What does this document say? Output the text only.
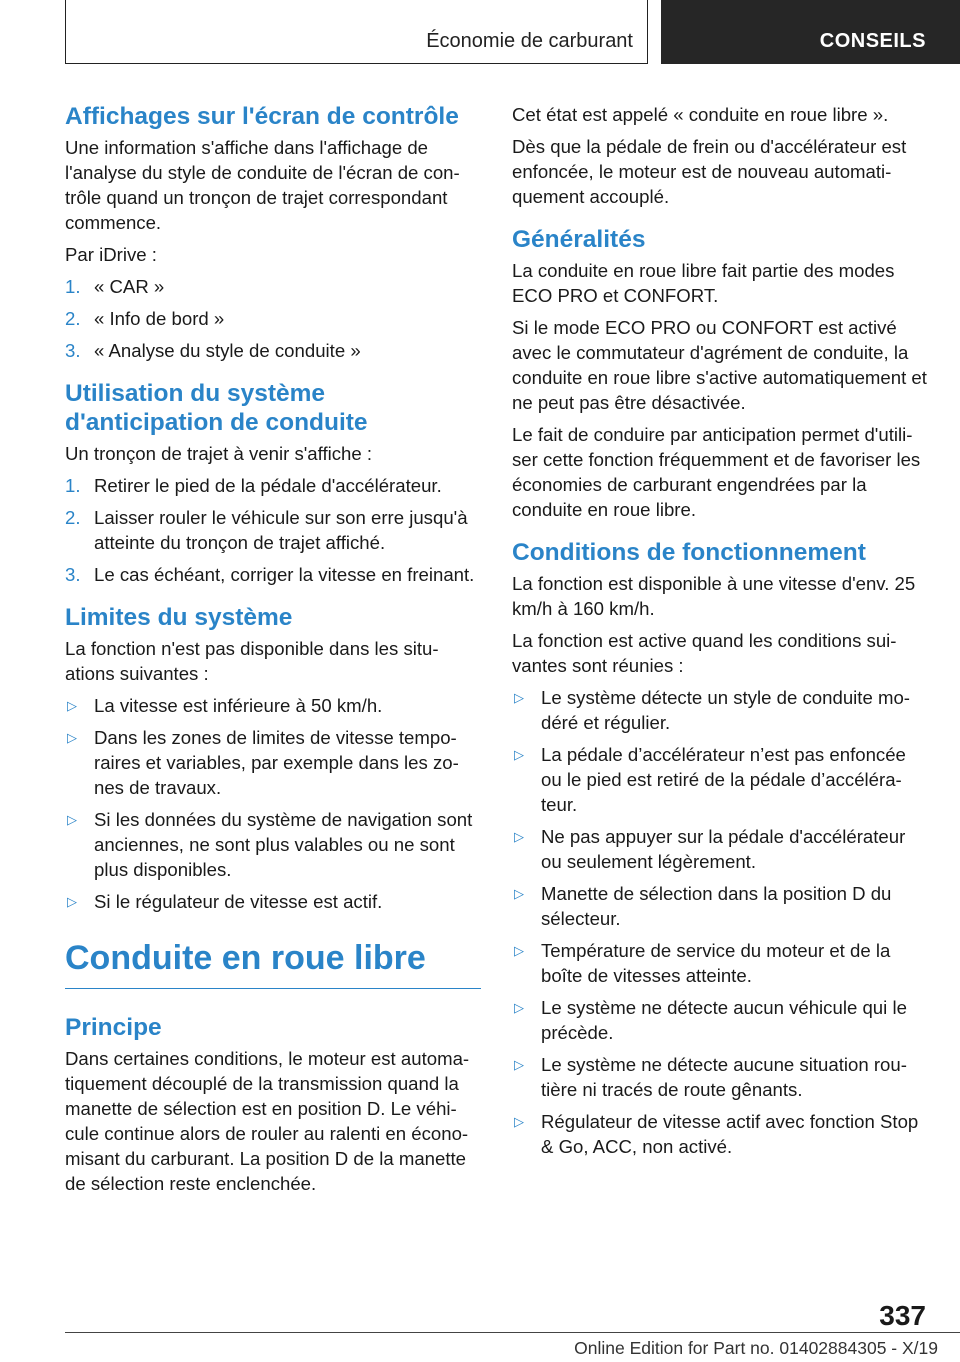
Économie de carburant	CONSEILS
Affichages sur l'écran de contrôle

Une information s'affiche dans l'affichage de l'analyse du style de conduite de l'écran de con‐trôle quand un tronçon de trajet correspondant commence.

Par iDrive :

1. « CAR »
2. « Info de bord »
3. « Analyse du style de conduite »
Utilisation du système d'anticipation de conduite

Un tronçon de trajet à venir s'affiche :

1. Retirer le pied de la pédale d'accélérateur.
2. Laisser rouler le véhicule sur son erre jusqu'à atteinte du tronçon de trajet affiché.
3. Le cas échéant, corriger la vitesse en freinant.
Limites du système

La fonction n'est pas disponible dans les situ‐ations suivantes :

▷ La vitesse est inférieure à 50 km/h.
▷ Dans les zones de limites de vitesse tempo‐raires et variables, par exemple dans les zo‐nes de travaux.
▷ Si les données du système de navigation sont anciennes, ne sont plus valables ou ne sont plus disponibles.
▷ Si le régulateur de vitesse est actif.
Conduite en roue libre
Principe

Dans certaines conditions, le moteur est automa‐tiquement découplé de la transmission quand la manette de sélection est en position D. Le véhi‐cule continue alors de rouler au ralenti en écono‐misant du carburant. La position D de la manette de sélection reste enclenchée.

Cet état est appelé « conduite en roue libre ».

Dès que la pédale de frein ou d'accélérateur est enfoncée, le moteur est de nouveau automati‐quement accouplé.

Généralités

La conduite en roue libre fait partie des modes ECO PRO et CONFORT.

Si le mode ECO PRO ou CONFORT est activé avec le commutateur d'agrément de conduite, la conduite en roue libre s'active automatiquement et ne peut pas être désactivée.

Le fait de conduire par anticipation permet d'utili‐ser cette fonction fréquemment et de favoriser les économies de carburant engendrées par la conduite en roue libre.

Conditions de fonctionnement

La fonction est disponible à une vitesse d'env. 25 km/h à 160 km/h.

La fonction est active quand les conditions sui‐vantes sont réunies :

▷ Le système détecte un style de conduite mo‐déré et régulier.
▷ La pédale d’accélérateur n’est pas enfoncée ou le pied est retiré de la pédale d’accéléra‐teur.
▷ Ne pas appuyer sur la pédale d'accélérateur ou seulement légèrement.
▷ Manette de sélection dans la position D du sélecteur.
▷ Température de service du moteur et de la boîte de vitesses atteinte.
▷ Le système ne détecte aucun véhicule qui le précède.
▷ Le système ne détecte aucune situation rou‐tière ni tracés de route gênants.
▷ Régulateur de vitesse actif avec fonction Stop & Go, ACC, non activé.
337
Online Edition for Part no. 01402884305 - X/19
